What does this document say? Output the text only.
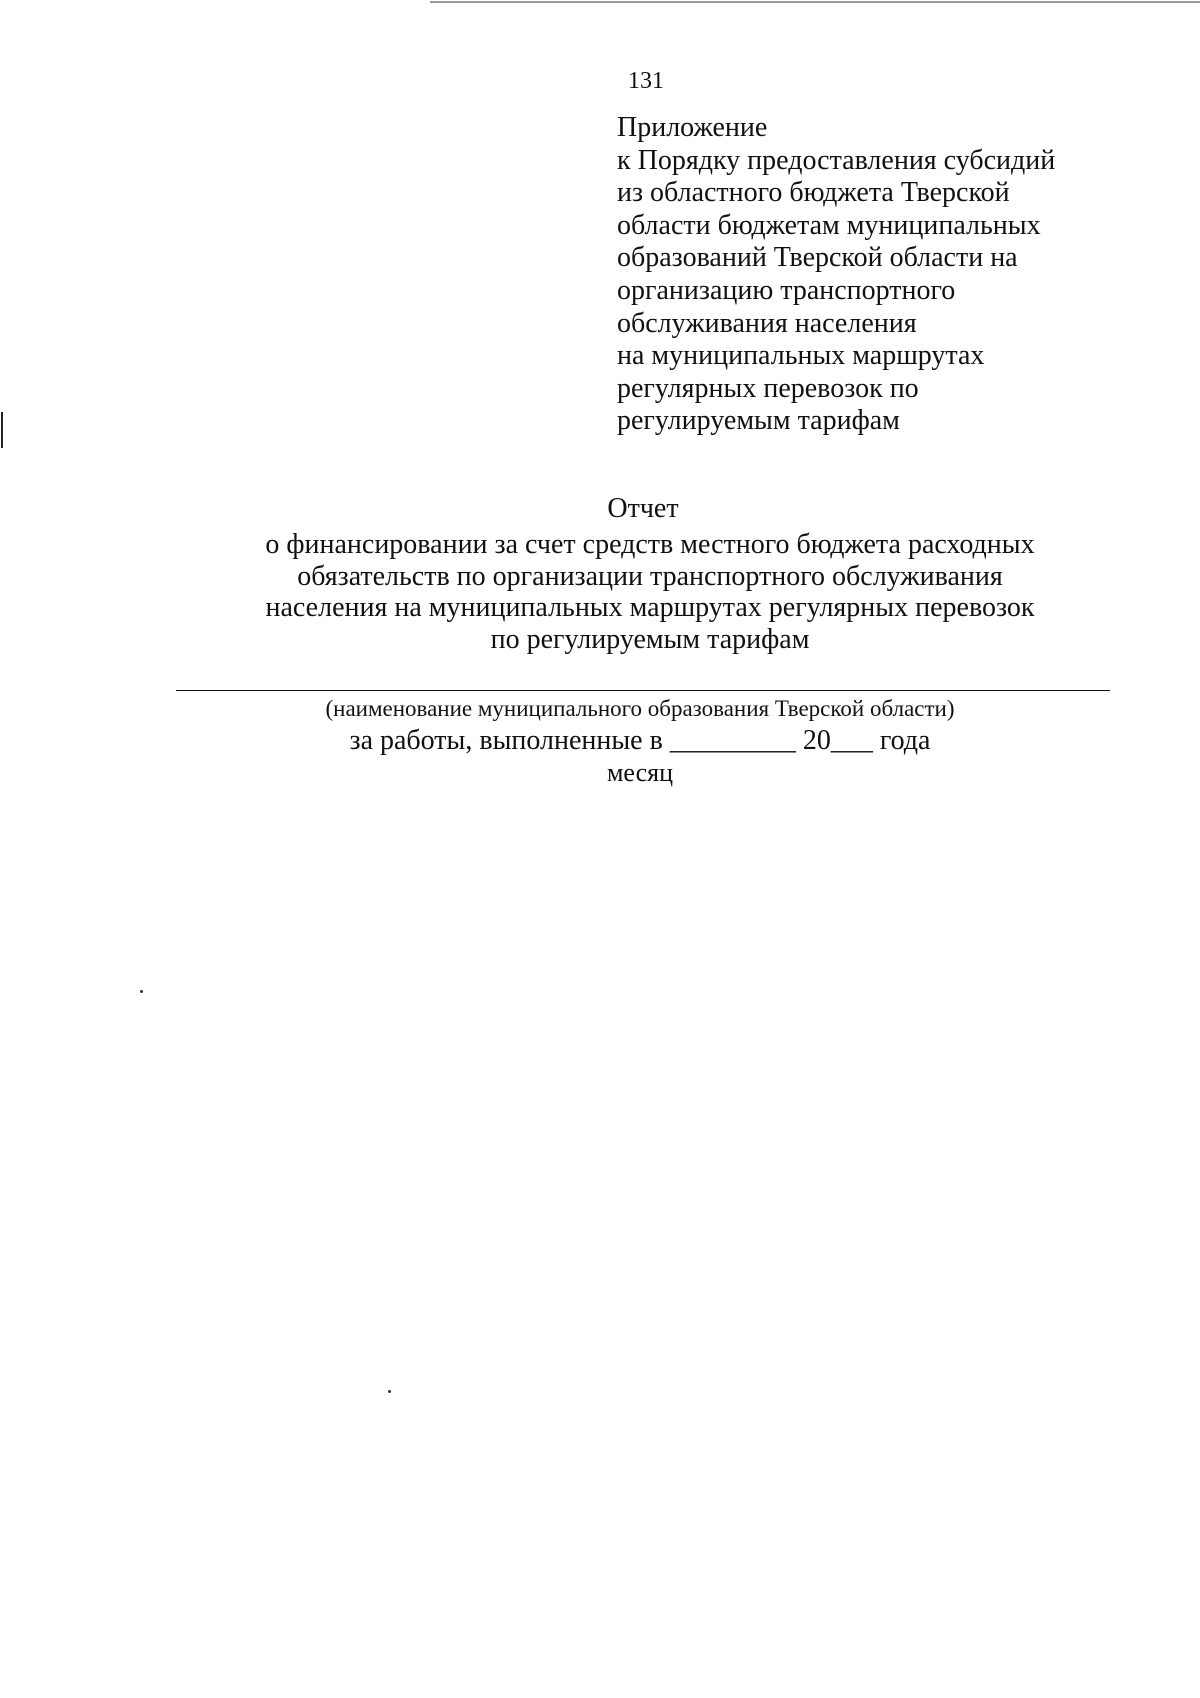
131

Приложение
к Порядку предоставления субсидий
из областного бюджета Тверской
области бюджетам муниципальных
образований Тверской области на
организацию транспортного
обслуживания населения
на муниципальных маршрутах
регулярных перевозок по
регулируемым тарифам

Отчет
о финансировании за счет средств местного бюджета расходных
обязательств по организации транспортного обслуживания
населения на муниципальных маршрутах регулярных перевозок
по регулируемым тарифам
(наименование муниципального образования Тверской области)
за работы, выполненные в _________ 20___ года
месяц
